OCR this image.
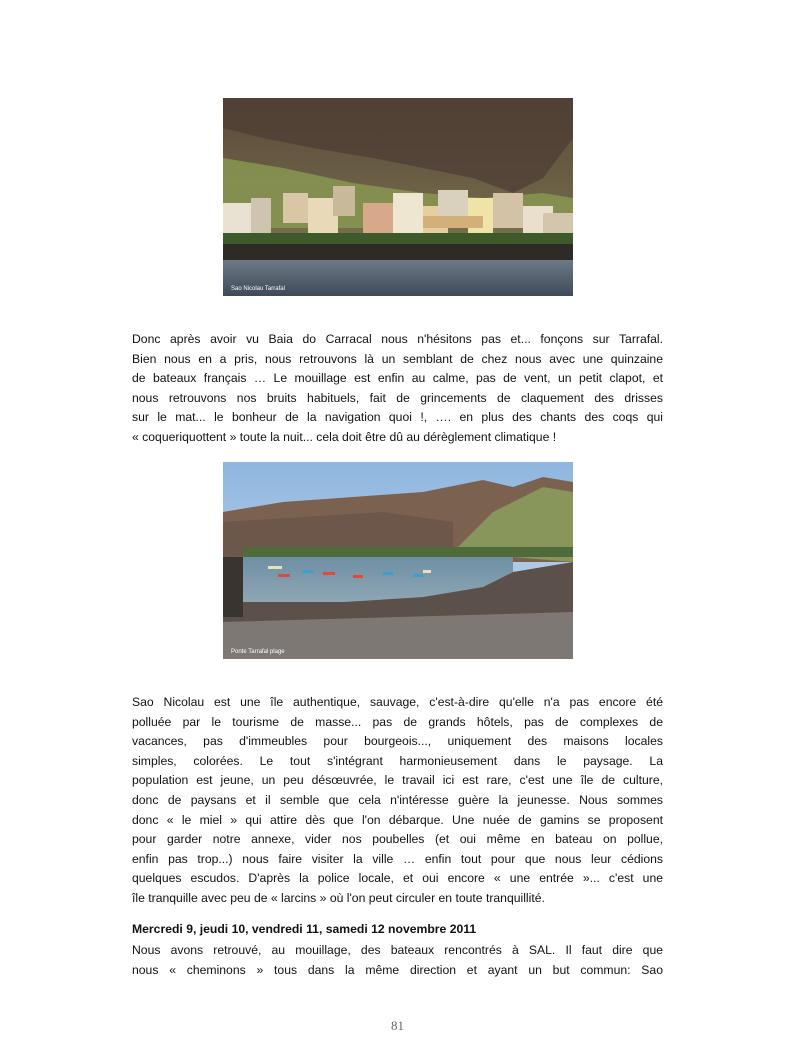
Sao Nicolau Tarrafal
Donc après avoir vu Baia do Carracal nous n'hésitons pas et... fonçons sur Tarrafal.
Bien nous en a pris, nous retrouvons là un semblant de chez nous avec une quinzaine
de bateaux français … Le mouillage est enfin au calme, pas de vent, un petit clapot, et
nous retrouvons nos bruits habituels, fait de grincements de claquement des drisses
sur le mat... le bonheur de la navigation quoi !, …. en plus des chants des coqs qui
« coqueriquottent » toute la nuit... cela doit être dû au dérèglement climatique !
Ponte Tarrafal plage
Sao Nicolau est une île authentique, sauvage, c'est-à-dire qu'elle n'a pas encore été
polluée par le tourisme de masse... pas de grands hôtels, pas de complexes de
vacances, pas d'immeubles pour bourgeois..., uniquement des maisons locales
simples, colorées. Le tout s'intégrant harmonieusement dans le paysage. La
population est jeune, un peu désœuvrée, le travail ici est rare, c'est une île de culture,
donc de paysans et il semble que cela n'intéresse guère la jeunesse. Nous sommes
donc « le miel » qui attire dès que l'on débarque. Une nuée de gamins se proposent
pour garder notre annexe, vider nos poubelles (et oui même en bateau on pollue,
enfin pas trop...) nous faire visiter la ville … enfin tout pour que nous leur cédions
quelques escudos. D'après la police locale, et oui encore « une entrée »... c'est une
île tranquille avec peu de « larcins » où l'on peut circuler en toute tranquillité.

Mercredi 9, jeudi 10, vendredi 11, samedi 12 novembre 2011

Nous avons retrouvé, au mouillage, des bateaux rencontrés à SAL. Il faut dire que
nous « cheminons » tous dans la même direction et ayant un but commun: Sao
81
